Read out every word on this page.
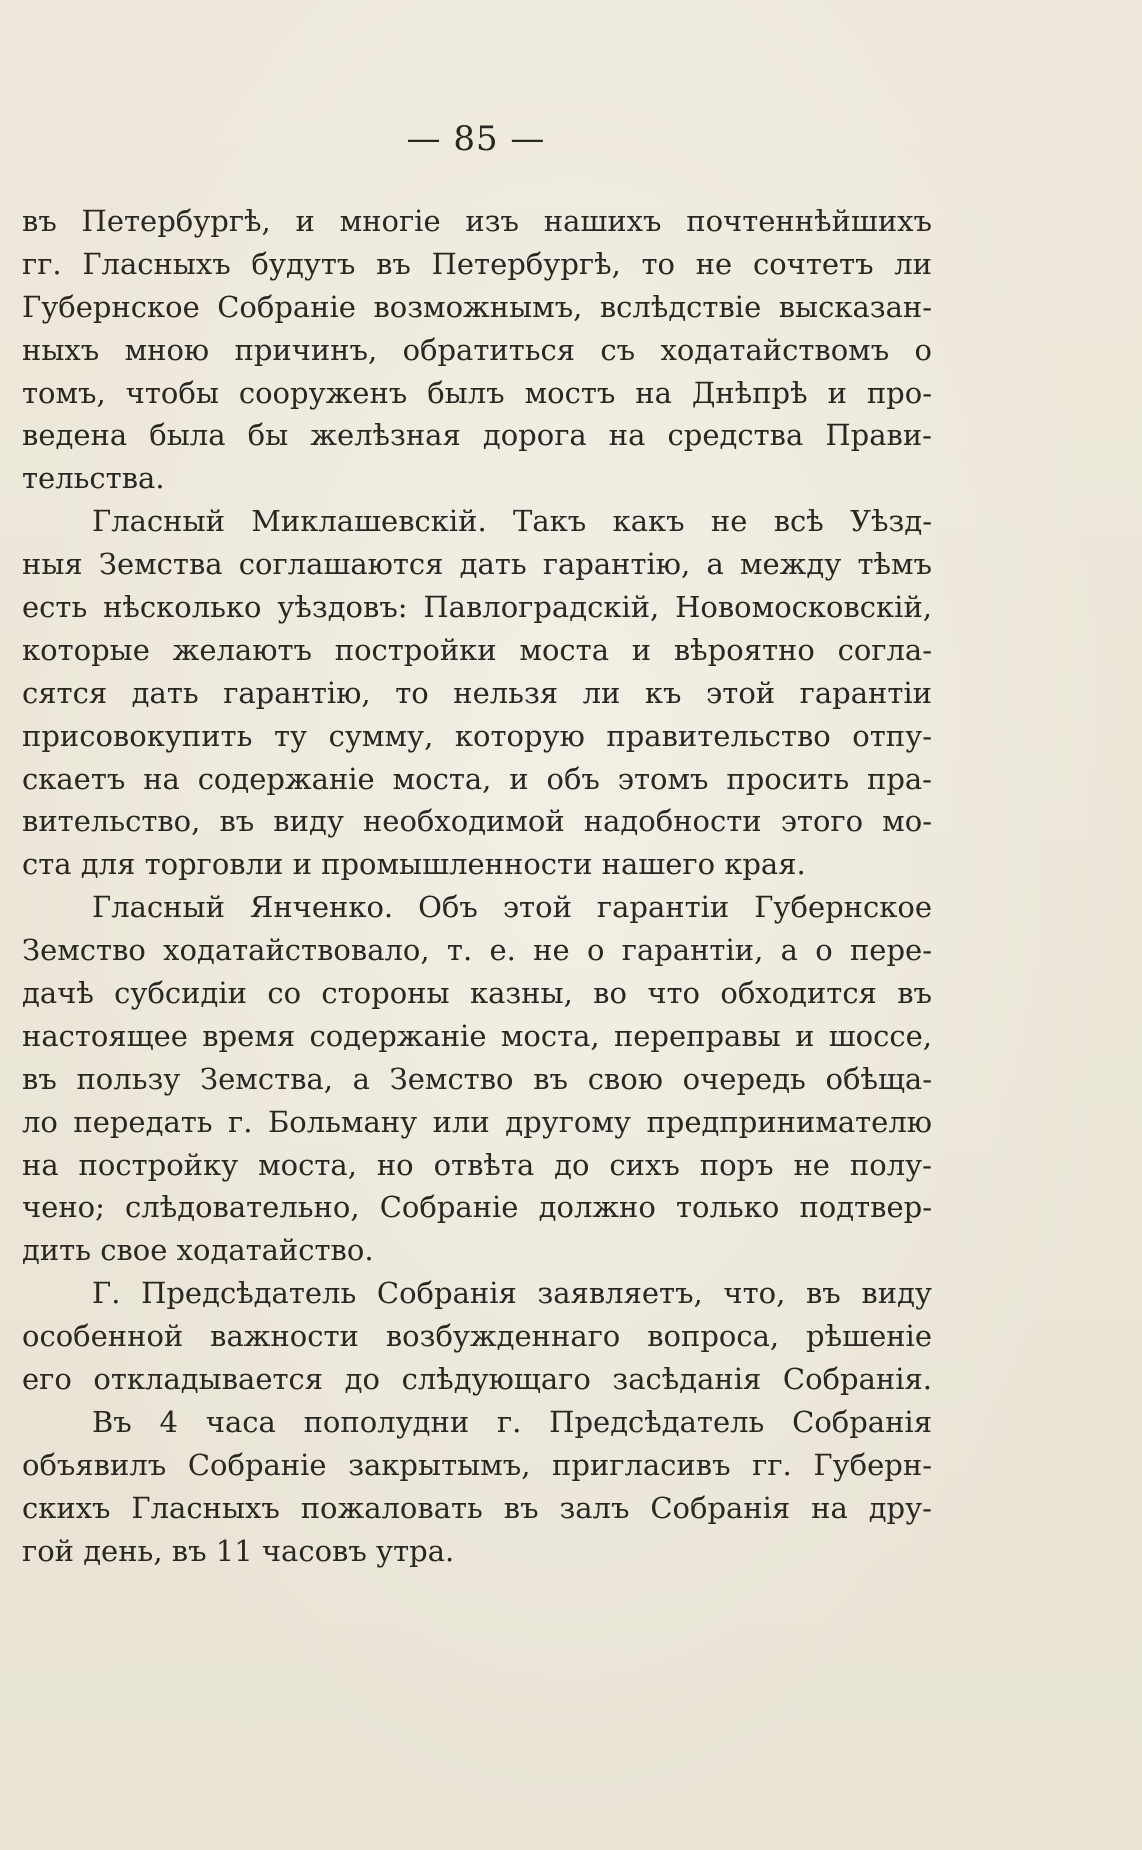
— 85 —
въ Петербургѣ, и многіе изъ нашихъ почтеннѣйшихъ
гг. Гласныхъ будутъ въ Петербургѣ, то не сочтетъ ли
Губернское Собраніе возможнымъ, вслѣдствіе высказан-
ныхъ мною причинъ, обратиться съ ходатайствомъ о
томъ, чтобы сооруженъ былъ мостъ на Днѣпрѣ и про-
ведена была бы желѣзная дорога на средства Прави-
тельства.
Гласный Миклашевскій. Такъ какъ не всѣ Уѣзд-
ныя Земства соглашаются дать гарантію, а между тѣмъ
есть нѣсколько уѣздовъ: Павлоградскій, Новомосковскій,
которые желаютъ постройки моста и вѣроятно согла-
сятся дать гарантію, то нельзя ли къ этой гарантіи
присовокупить ту сумму, которую правительство отпу-
скаетъ на содержаніе моста, и объ этомъ просить пра-
вительство, въ виду необходимой надобности этого мо-
ста для торговли и промышленности нашего края.
Гласный Янченко. Объ этой гарантіи Губернское
Земство ходатайствовало, т. е. не о гарантіи, а о пере-
дачѣ субсидіи со стороны казны, во что обходится въ
настоящее время содержаніе моста, переправы и шоссе,
въ пользу Земства, а Земство въ свою очередь обѣща-
ло передать г. Больману или другому предпринимателю
на постройку моста, но отвѣта до сихъ поръ не полу-
чено; слѣдовательно, Собраніе должно только подтвер-
дить свое ходатайство.
Г. Предсѣдатель Собранія заявляетъ, что, въ виду
особенной важности возбужденнаго вопроса, рѣшеніе
его откладывается до слѣдующаго засѣданія Собранія.
Въ 4 часа пополудни г. Предсѣдатель Собранія
объявилъ Собраніе закрытымъ, пригласивъ гг. Губерн-
скихъ Гласныхъ пожаловать въ залъ Собранія на дру-
гой день, въ 11 часовъ утра.
